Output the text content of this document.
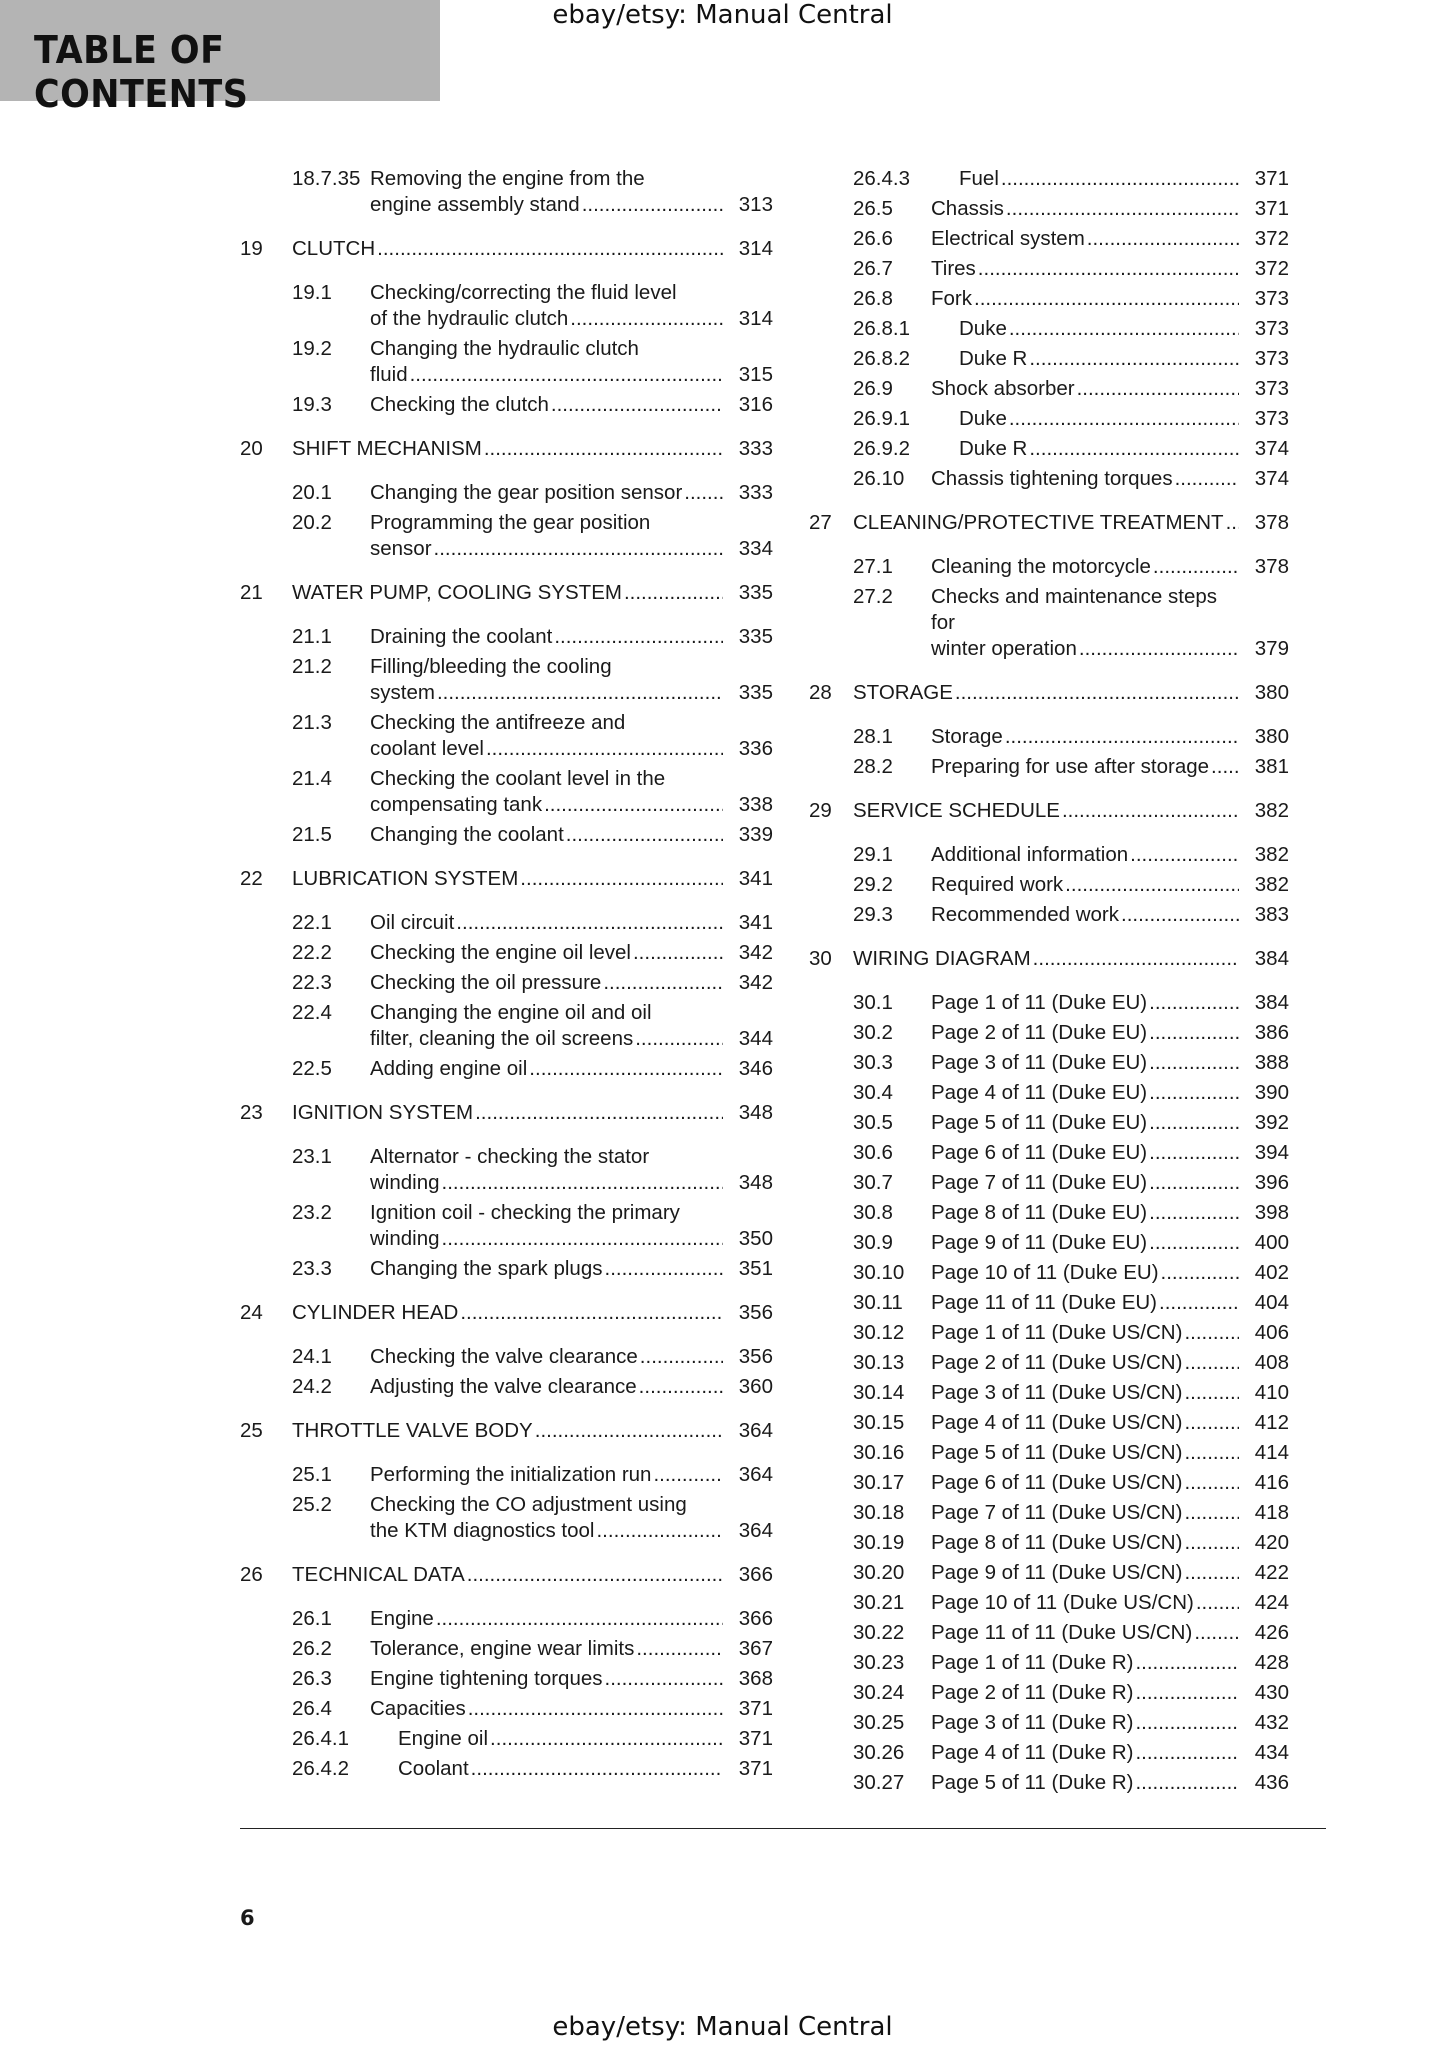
TABLE OF CONTENTS
ebay/etsy: Manual Central
18.7.35 Removing the engine from the
engine assembly stand .....	313
19 CLUTCH .....	314
19.1 Checking/correcting the fluid level
of the hydraulic clutch .....	314
19.2 Changing the hydraulic clutch
fluid .....	315
19.3 Checking the clutch .....	316
20 SHIFT MECHANISM .....	333
20.1 Changing the gear position sensor .....	333
20.2 Programming the gear position
sensor .....	334
21 WATER PUMP, COOLING SYSTEM .....	335
21.1 Draining the coolant .....	335
21.2 Filling/bleeding the cooling
system .....	335
21.3 Checking the antifreeze and
coolant level .....	336
21.4 Checking the coolant level in the
compensating tank .....	338
21.5 Changing the coolant .....	339
22 LUBRICATION SYSTEM .....	341
22.1 Oil circuit .....	341
22.2 Checking the engine oil level .....	342
22.3 Checking the oil pressure .....	342
22.4 Changing the engine oil and oil
filter, cleaning the oil screens .....	344
22.5 Adding engine oil .....	346
23 IGNITION SYSTEM .....	348
23.1 Alternator - checking the stator
winding .....	348
23.2 Ignition coil - checking the primary
winding .....	350
23.3 Changing the spark plugs .....	351
24 CYLINDER HEAD .....	356
24.1 Checking the valve clearance .....	356
24.2 Adjusting the valve clearance .....	360
25 THROTTLE VALVE BODY .....	364
25.1 Performing the initialization run .....	364
25.2 Checking the CO adjustment using
the KTM diagnostics tool .....	364
26 TECHNICAL DATA .....	366
26.1 Engine .....	366
26.2 Tolerance, engine wear limits .....	367
26.3 Engine tightening torques .....	368
26.4 Capacities .....	371
26.4.1 Engine oil .....	371
26.4.2 Coolant .....	371
26.4.3 Fuel .....	371
26.5 Chassis .....	371
26.6 Electrical system .....	372
26.7 Tires .....	372
26.8 Fork .....	373
26.8.1 Duke .....	373
26.8.2 Duke R .....	373
26.9 Shock absorber .....	373
26.9.1 Duke .....	373
26.9.2 Duke R .....	374
26.10 Chassis tightening torques .....	374
27 CLEANING/PROTECTIVE TREATMENT .....	378
27.1 Cleaning the motorcycle .....	378
27.2 Checks and maintenance steps for
winter operation .....	379
28 STORAGE .....	380
28.1 Storage .....	380
28.2 Preparing for use after storage .....	381
29 SERVICE SCHEDULE .....	382
29.1 Additional information .....	382
29.2 Required work .....	382
29.3 Recommended work .....	383
30 WIRING DIAGRAM .....	384
30.1 Page 1 of 11 (Duke EU) .....	384
30.2 Page 2 of 11 (Duke EU) .....	386
30.3 Page 3 of 11 (Duke EU) .....	388
30.4 Page 4 of 11 (Duke EU) .....	390
30.5 Page 5 of 11 (Duke EU) .....	392
30.6 Page 6 of 11 (Duke EU) .....	394
30.7 Page 7 of 11 (Duke EU) .....	396
30.8 Page 8 of 11 (Duke EU) .....	398
30.9 Page 9 of 11 (Duke EU) .....	400
30.10 Page 10 of 11 (Duke EU) .....	402
30.11 Page 11 of 11 (Duke EU) .....	404
30.12 Page 1 of 11 (Duke US/CN) .....	406
30.13 Page 2 of 11 (Duke US/CN) .....	408
30.14 Page 3 of 11 (Duke US/CN) .....	410
30.15 Page 4 of 11 (Duke US/CN) .....	412
30.16 Page 5 of 11 (Duke US/CN) .....	414
30.17 Page 6 of 11 (Duke US/CN) .....	416
30.18 Page 7 of 11 (Duke US/CN) .....	418
30.19 Page 8 of 11 (Duke US/CN) .....	420
30.20 Page 9 of 11 (Duke US/CN) .....	422
30.21 Page 10 of 11 (Duke US/CN) .....	424
30.22 Page 11 of 11 (Duke US/CN) .....	426
30.23 Page 1 of 11 (Duke R) .....	428
30.24 Page 2 of 11 (Duke R) .....	430
30.25 Page 3 of 11 (Duke R) .....	432
30.26 Page 4 of 11 (Duke R) .....	434
30.27 Page 5 of 11 (Duke R) .....	436
6
ebay/etsy: Manual Central
